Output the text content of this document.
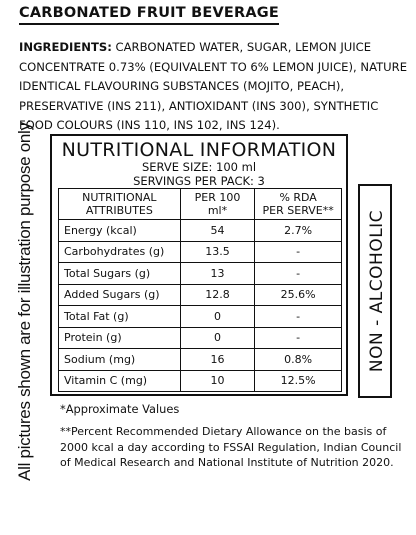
CARBONATED FRUIT BEVERAGE
INGREDIENTS: CARBONATED WATER, SUGAR, LEMON JUICE CONCENTRATE 0.73% (EQUIVALENT TO 6% LEMON JUICE), NATURE IDENTICAL FLAVOURING SUBSTANCES (MOJITO, PEACH), PRESERVATIVE (INS 211), ANTIOXIDANT (INS 300), SYNTHETIC FOOD COLOURS (INS 110, INS 102, INS 124).
All pictures shown are for illustration purpose only.	NUTRITIONAL INFORMATION
SERVE SIZE: 100 ml
SERVINGS PER PACK: 3
NUTRITIONAL
ATTRIBUTES	PER 100 ml*	% RDA
PER SERVE**
Energy (kcal)	54	2.7%
Carbohydrates (g)	13.5	-
Total Sugars (g)	13	-
Added Sugars (g)	12.8	25.6%
Total Fat (g)	0	-
Protein (g)	0	-
Sodium (mg)	16	0.8%
Vitamin C (mg)	10	12.5%
NON - ALCOHOLIC
*Approximate Values
**Percent Recommended Dietary Allowance on the basis of 2000 kcal a day according to FSSAI Regulation, Indian Council of Medical Research and National Institute of Nutrition 2020.
